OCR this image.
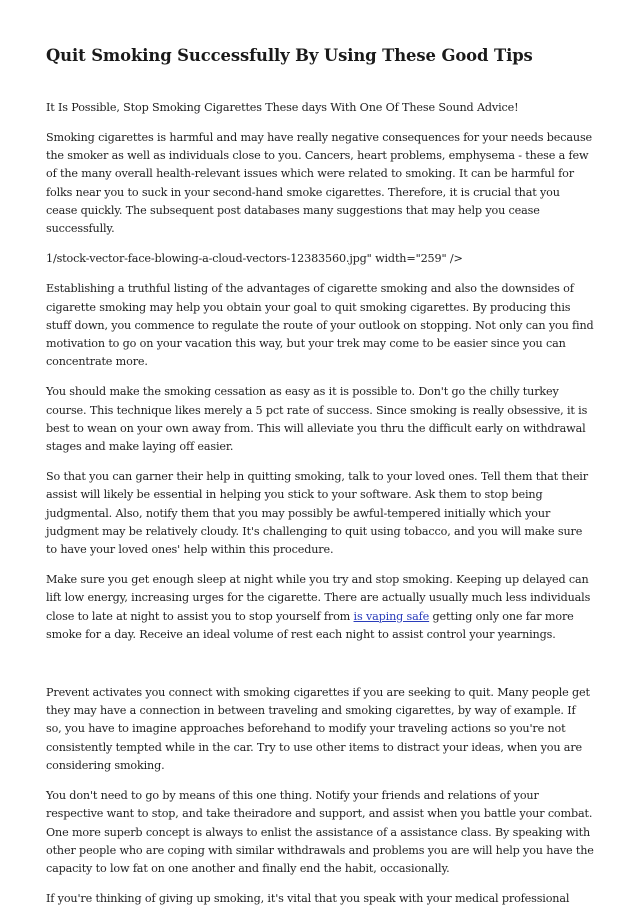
Quit Smoking Successfully By Using These Good Tips
It Is Possible, Stop Smoking Cigarettes These days With One Of These Sound Advice!

Smoking cigarettes is harmful and may have really negative consequences for your needs because the smoker as well as individuals close to you. Cancers, heart problems, emphysema - these a few of the many overall health-relevant issues which were related to smoking. It can be harmful for folks near you to suck in your second-hand smoke cigarettes. Therefore, it is crucial that you cease quickly. The subsequent post databases many suggestions that may help you cease successfully.

1/stock-vector-face-blowing-a-cloud-vectors-12383560.jpg" width="259" />

Establishing a truthful listing of the advantages of cigarette smoking and also the downsides of cigarette smoking may help you obtain your goal to quit smoking cigarettes. By producing this stuff down, you commence to regulate the route of your outlook on stopping. Not only can you find motivation to go on your vacation this way, but your trek may come to be easier since you can concentrate more.

You should make the smoking cessation as easy as it is possible to. Don't go the chilly turkey course. This technique likes merely a 5 pct rate of success. Since smoking is really obsessive, it is best to wean on your own away from. This will alleviate you thru the difficult early on withdrawal stages and make laying off easier.

So that you can garner their help in quitting smoking, talk to your loved ones. Tell them that their assist will likely be essential in helping you stick to your software. Ask them to stop being judgmental. Also, notify them that you may possibly be awful-tempered initially which your judgment may be relatively cloudy. It's challenging to quit using tobacco, and you will make sure to have your loved ones' help within this procedure.

Make sure you get enough sleep at night while you try and stop smoking. Keeping up delayed can lift low energy, increasing urges for the cigarette. There are actually usually much less individuals close to late at night to assist you to stop yourself from is vaping safe getting only one far more smoke for a day. Receive an ideal volume of rest each night to assist control your yearnings.

Prevent activates you connect with smoking cigarettes if you are seeking to quit. Many people get they may have a connection in between traveling and smoking cigarettes, by way of example. If so, you have to imagine approaches beforehand to modify your traveling actions so you're not consistently tempted while in the car. Try to use other items to distract your ideas, when you are considering smoking.

You don't need to go by means of this one thing. Notify your friends and relations of your respective want to stop, and take theiradore and support, and assist when you battle your combat. One more superb concept is always to enlist the assistance of a assistance class. By speaking with other people who are coping with similar withdrawals and problems you are will help you have the capacity to low fat on one another and finally end the habit, occasionally.

If you're thinking of giving up smoking, it's vital that you speak with your medical professional
